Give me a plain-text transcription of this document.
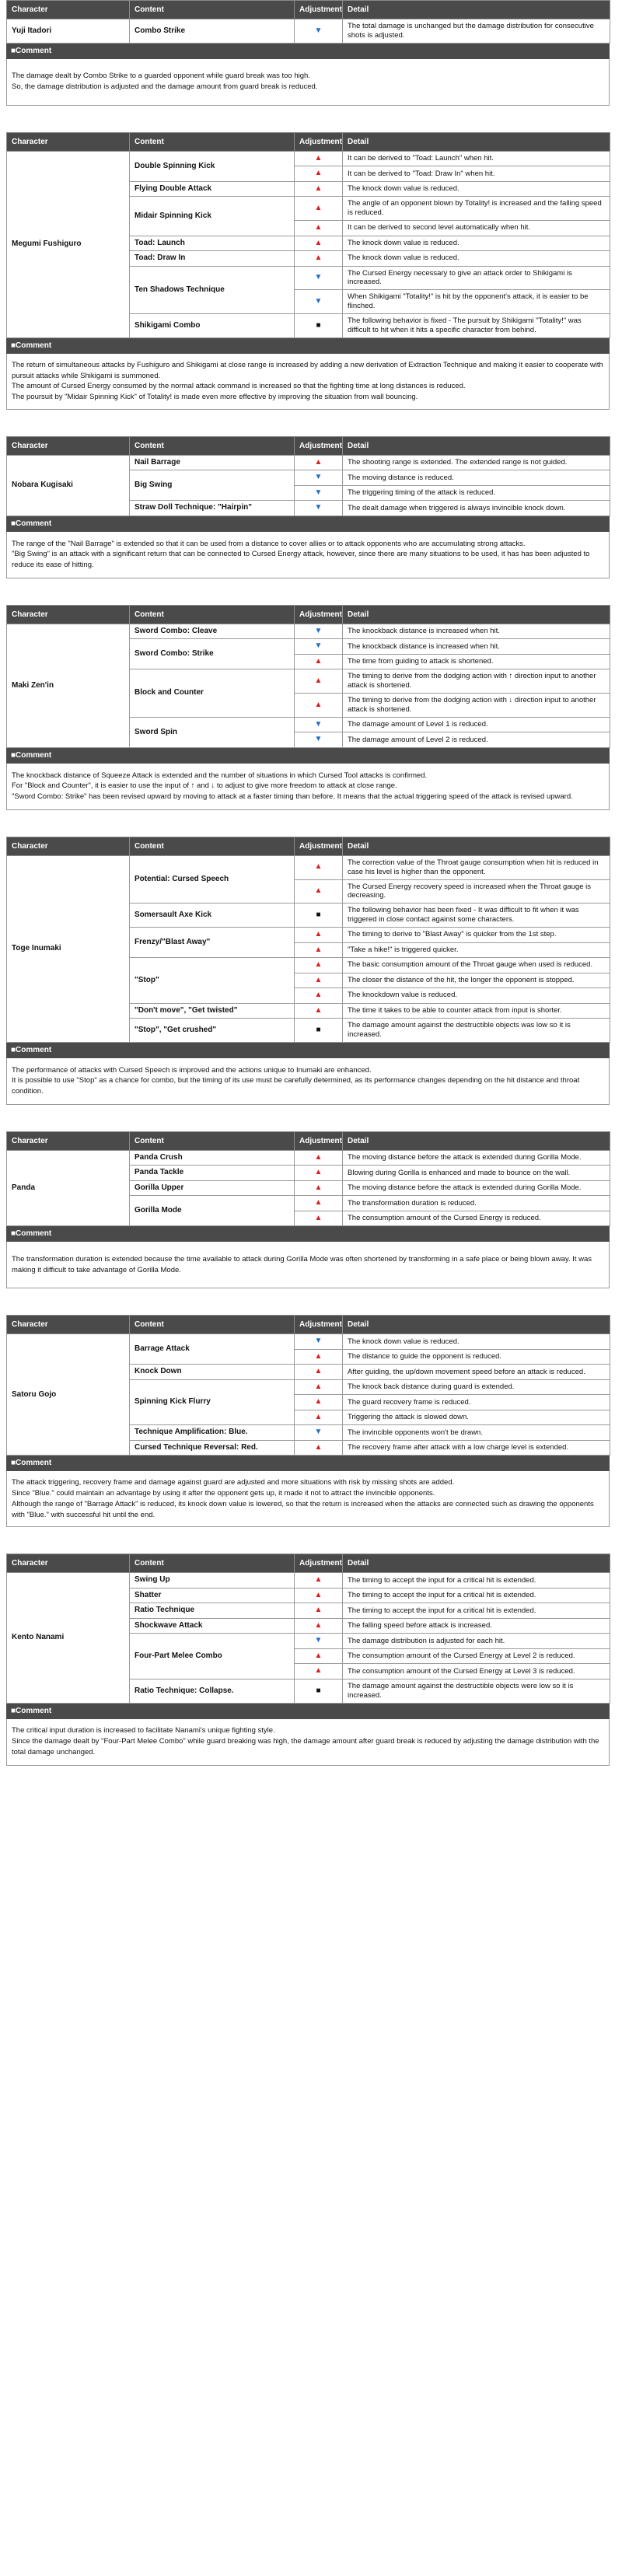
Character	Content	Adjustment	Detail
Yuji Itadori	Combo Strike	▼	The total damage is unchanged but the damage distribution for consecutive shots is adjusted.
■Comment

The damage dealt by Combo Strike to a guarded opponent while guard break was too high.

So, the damage distribution is adjusted and the damage amount from guard break is reduced.

Character	Content	Adjustment	Detail
Megumi Fushiguro	Double Spinning Kick	▲	It can be derived to "Toad: Launch" when hit.
		▲	It can be derived to "Toad: Draw In" when hit.
	Flying Double Attack	▲	The knock down value is reduced.
	Midair Spinning Kick	▲	The angle of an opponent blown by Totality! is increased and the falling speed is reduced.
		▲	It can be derived to second level automatically when hit.
	Toad: Launch	▲	The knock down value is reduced.
	Toad: Draw In	▲	The knock down value is reduced.
	Ten Shadows Technique	▼	The Cursed Energy necessary to give an attack order to Shikigami is increased.
		▼	When Shikigami "Totality!" is hit by the opponent's attack, it is easier to be flinched.
	Shikigami Combo	■	The following behavior is fixed - The pursuit by Shikigami "Totality!" was difficult to hit when it hits a specific character from behind.
■Comment

The return of simultaneous attacks by Fushiguro and Shikigami at close range is increased by adding a new derivation of Extraction Technique and making it easier to cooperate with pursuit attacks while Shikigami is summoned.

The amount of Cursed Energy consumed by the normal attack command is increased so that the fighting time at long distances is reduced.

The poursuit by "Midair Spinning Kick" of Totality! is made even more effective by improving the situation from wall bouncing.

Character	Content	Adjustment	Detail
Nobara Kugisaki	Nail Barrage	▲	The shooting range is extended. The extended range is not guided.
	Big Swing	▼	The moving distance is reduced.
		▼	The triggering timing of the attack is reduced.
	Straw Doll Technique: "Hairpin"	▼	The dealt damage when triggered is always invincible knock down.
■Comment

The range of the "Nail Barrage" is extended so that it can be used from a distance to cover allies or to attack opponents who are accumulating strong attacks.

"Big Swing" is an attack with a significant return that can be connected to Cursed Energy attack, however, since there are many situations to be used, it has has been adjusted to reduce its ease of hitting.

Character	Content	Adjustment	Detail
Maki Zen'in	Sword Combo: Cleave	▼	The knockback distance is increased when hit.
	Sword Combo: Strike	▼	The knockback distance is increased when hit.
		▲	The time from guiding to attack is shortened.
	Block and Counter	▲	The timing to derive from the dodging action with ↑ direction input to another attack is shortened.
		▲	The timing to derive from the dodging action with ↓ direction input to another attack is shortened.
	Sword Spin	▼	The damage amount of Level 1 is reduced.
		▼	The damage amount of Level 2 is reduced.
■Comment

The knockback distance of Squeeze Attack is extended and the number of situations in which Cursed Tool attacks is confirmed.

For "Block and Counter", it is easier to use the input of ↑ and ↓ to adjust to give more freedom to attack at close range.

"Sword Combo: Strike" has been revised upward by moving to attack at a faster timing than before. It means that the actual triggering speed of the attack is revised upward.

Character	Content	Adjustment	Detail
Toge Inumaki	Potential: Cursed Speech	▲	The correction value of the Throat gauge consumption when hit is reduced in case his level is higher than the opponent.
		▲	The Cursed Energy recovery speed is increased when the Throat gauge is decreasing.
	Somersault Axe Kick	■	The following behavior has been fixed - It was difficult to fit when it was triggered in close contact against some characters.
	Frenzy/"Blast Away"	▲	The timing to derive to "Blast Away" is quicker from the 1st step.
		▲	"Take a hike!" is triggered quicker.
	"Stop"	▲	The basic consumption amount of the Throat gauge when used is reduced.
		▲	The closer the distance of the hit, the longer the opponent is stopped.
		▲	The knockdown value is reduced.
	"Don't move", "Get twisted"	▲	The time it takes to be able to counter attack from input is shorter.
	"Stop", "Get crushed"	■	The damage amount against the destructible objects was low so it is increased.
■Comment

The performance of attacks with Cursed Speech is improved and the actions unique to Inumaki are enhanced.

It is possible to use "Stop" as a chance for combo, but the timing of its use must be carefully determined, as its performance changes depending on the hit distance and throat condition.

Character	Content	Adjustment	Detail
Panda	Panda Crush	▲	The moving distance before the attack is extended during Gorilla Mode.
	Panda Tackle	▲	Blowing during Gorilla is enhanced and made to bounce on the wall.
	Gorilla Upper	▲	The moving distance before the attack is extended during Gorilla Mode.
	Gorilla Mode	▲	The transformation duration is reduced.
		▲	The consumption amount of the Cursed Energy is reduced.
■Comment

The transformation duration is extended because the time available to attack during Gorilla Mode was often shortened by transforming in a safe place or being blown away. It was making it difficult to take advantage of Gorilla Mode.

Character	Content	Adjustment	Detail
Satoru Gojo	Barrage Attack	▼	The knock down value is reduced.
		▲	The distance to guide the opponent is reduced.
	Knock Down	▲	After guiding, the up/down movement speed before an attack is reduced.
	Spinning Kick Flurry	▲	The knock back distance during guard is extended.
		▲	The guard recovery frame is reduced.
		▲	Triggering the attack is slowed down.
	Technique Amplification: Blue.	▼	The invincible opponents won't be drawn.
	Cursed Technique Reversal: Red.	▲	The recovery frame after attack with a low charge level is extended.
■Comment

The attack triggering, recovery frame and damage against guard are adjusted and more situations with risk by missing shots are added.

Since "Blue." could maintain an advantage by using it after the opponent gets up, it made it not to attract the invincible opponents.

Although the range of "Barrage Attack" is reduced, its knock down value is lowered, so that the return is increased when the attacks are connected such as drawing the opponents with "Blue." with successful hit until the end.

Character	Content	Adjustment	Detail
Kento Nanami	Swing Up	▲	The timing to accept the input for a critical hit is extended.
	Shatter	▲	The timing to accept the input for a critical hit is extended.
	Ratio Technique	▲	The timing to accept the input for a critical hit is extended.
	Shockwave Attack	▲	The falling speed before attack is increased.
	Four-Part Melee Combo	▼	The damage distribution is adjusted for each hit.
		▲	The consumption amount of the Cursed Energy at Level 2 is reduced.
		▲	The consumption amount of the Cursed Energy at Level 3 is reduced.
	Ratio Technique: Collapse.	■	The damage amount against the destructible objects were low so it is increased.
■Comment

The critical input duration is increased to facilitate Nanami's unique fighting style.

Since the damage dealt by "Four-Part Melee Combo" while guard breaking was high, the damage amount after guard break is reduced by adjusting the damage distribution with the total damage unchanged.
